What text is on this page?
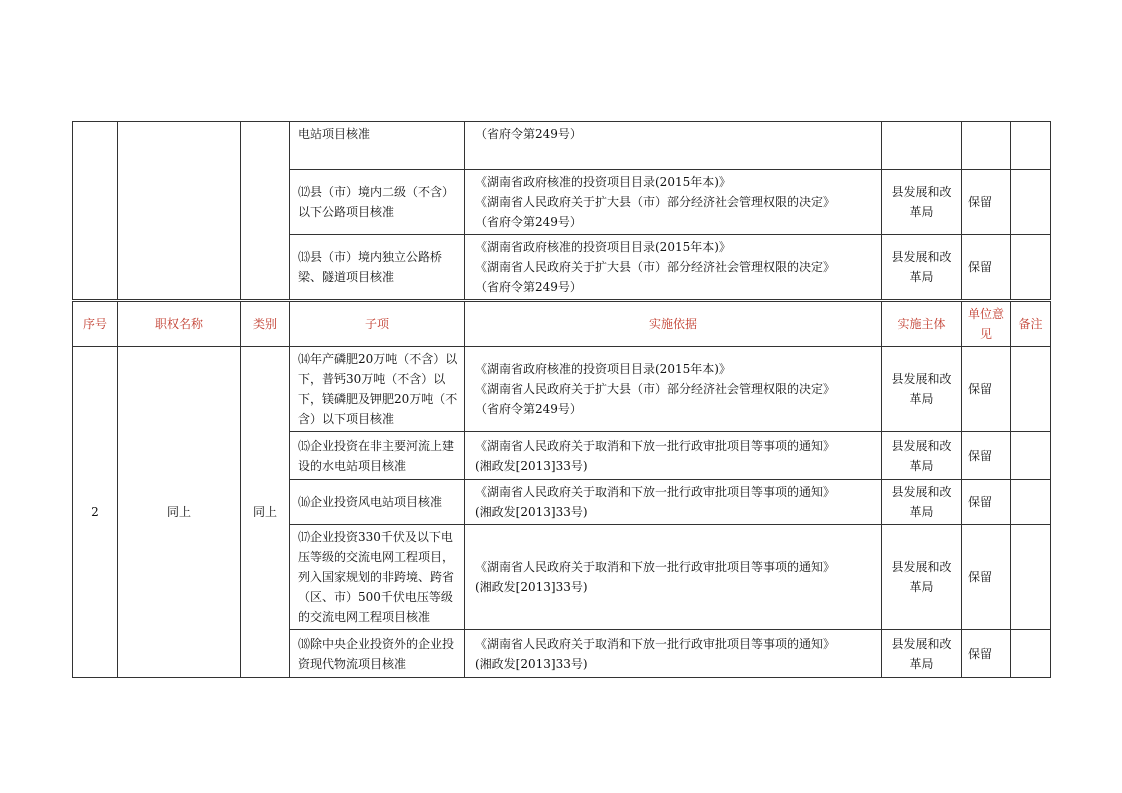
			电站项目核准	（省府令第249号）			

			⑿县（市）境内二级（不含）以下公路项目核准	《湖南省政府核准的投资项目目录(2015年本)》
《湖南省人民政府关于扩大县（市）部分经济社会管理权限的决定》
（省府令第249号）	县发展和改革局	保留	
			⒀县（市）境内独立公路桥梁、隧道项目核准	《湖南省政府核准的投资项目目录(2015年本)》
《湖南省人民政府关于扩大县（市）部分经济社会管理权限的决定》
（省府令第249号）	县发展和改革局	保留	
序号	职权名称	类别	子项	实施依据	实施主体	单位意见	备注
2	同上	同上	⒁年产磷肥20万吨（不含）以下，普钙30万吨（不含）以下，镁磷肥及钾肥20万吨（不含）以下项目核准	《湖南省政府核准的投资项目目录(2015年本)》
《湖南省人民政府关于扩大县（市）部分经济社会管理权限的决定》
（省府令第249号）	县发展和改革局	保留	
			⒂企业投资在非主要河流上建设的水电站项目核准	《湖南省人民政府关于取消和下放一批行政审批项目等事项的通知》
(湘政发[2013]33号)	县发展和改革局	保留	
			⒃企业投资风电站项目核准	《湖南省人民政府关于取消和下放一批行政审批项目等事项的通知》
(湘政发[2013]33号)	县发展和改革局	保留	
			⒄企业投资330千伏及以下电压等级的交流电网工程项目，列入国家规划的非跨境、跨省（区、市）500千伏电压等级的交流电网工程项目核准	《湖南省人民政府关于取消和下放一批行政审批项目等事项的通知》
(湘政发[2013]33号)	县发展和改革局	保留	
			⒅除中央企业投资外的企业投资现代物流项目核准	《湖南省人民政府关于取消和下放一批行政审批项目等事项的通知》
(湘政发[2013]33号)	县发展和改革局	保留	
